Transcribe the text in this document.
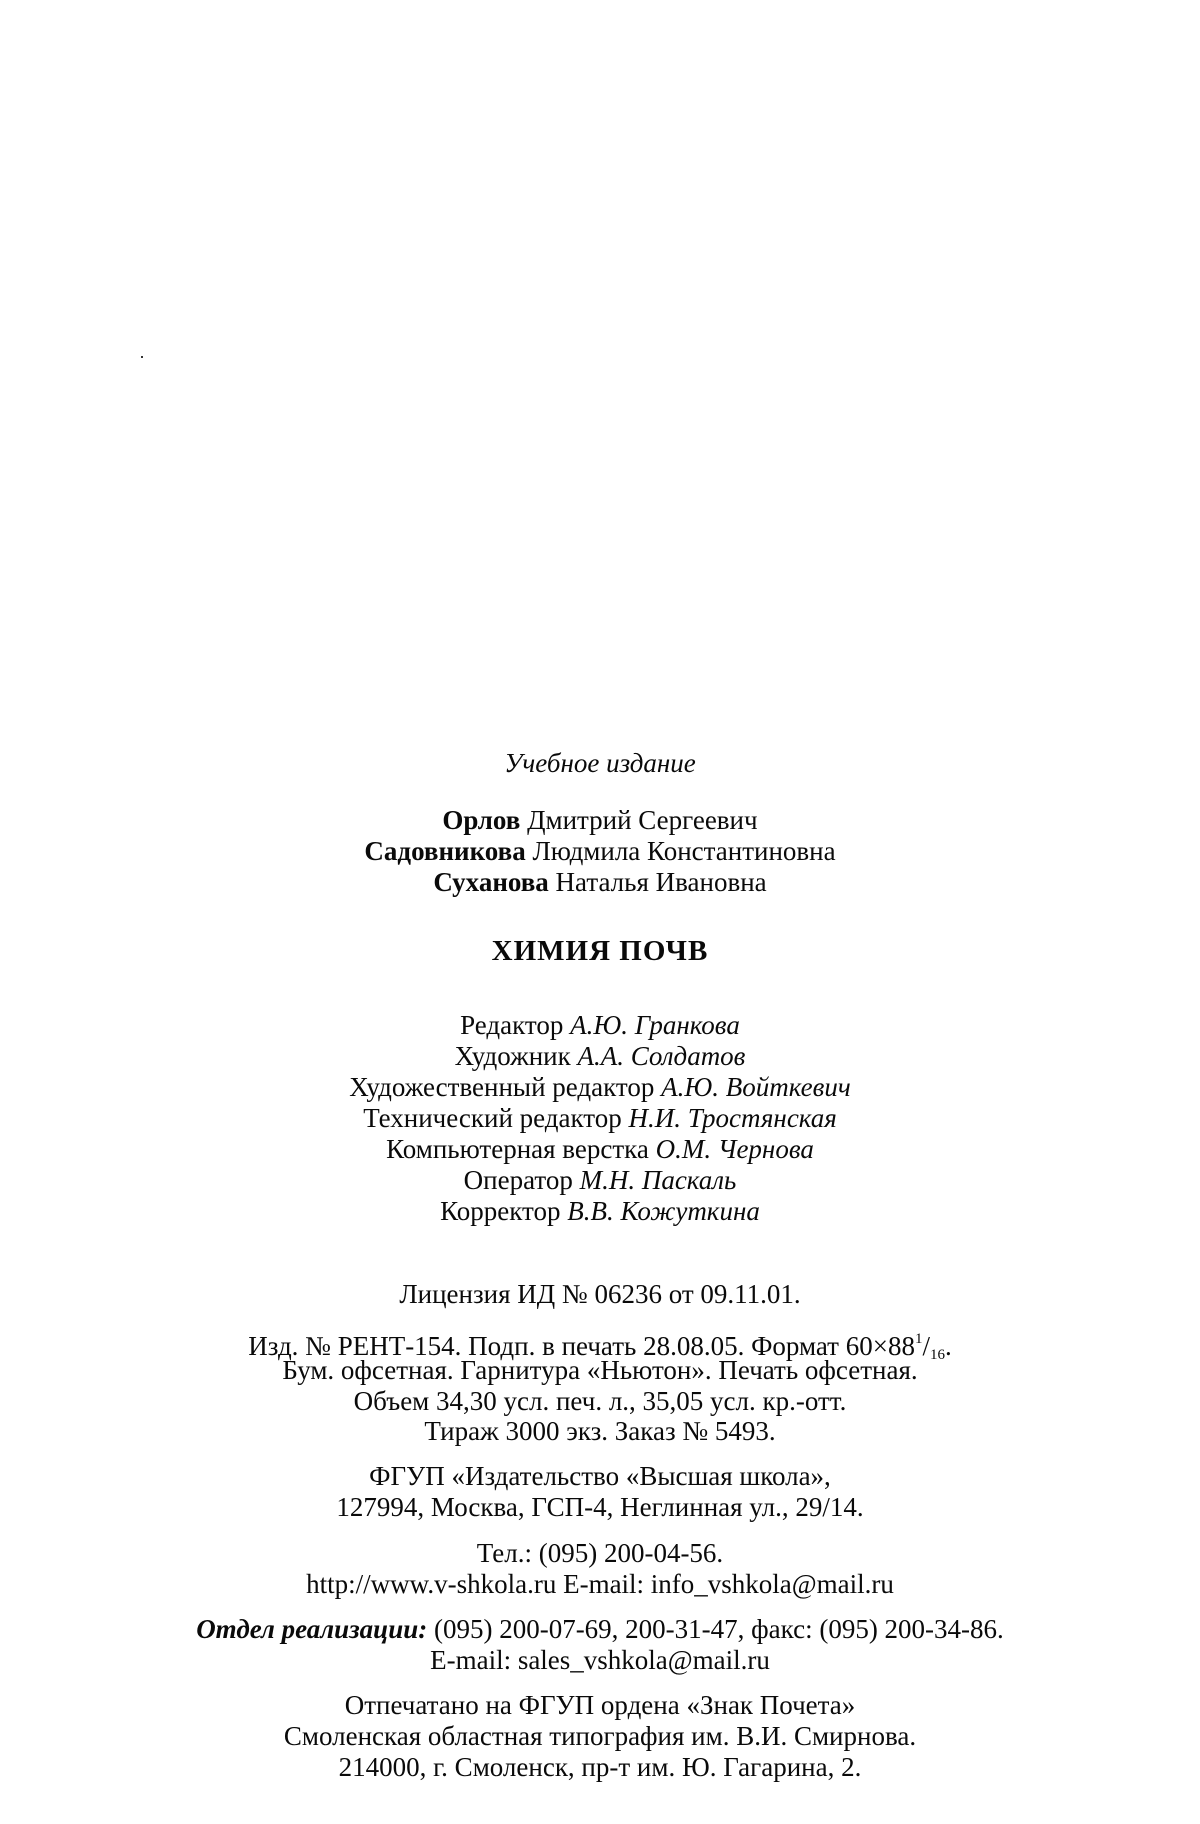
Учебное издание
Орлов Дмитрий Сергеевич
Садовникова Людмила Константиновна
Суханова Наталья Ивановна
ХИМИЯ ПОЧВ
Редактор А.Ю. Гранкова
Художник А.А. Солдатов
Художественный редактор А.Ю. Войткевич
Технический редактор Н.И. Тростянская
Компьютерная верстка О.М. Чернова
Оператор М.Н. Паскаль
Корректор В.В. Кожуткина
Лицензия ИД № 06236 от 09.11.01.
Изд. № РЕНТ-154. Подп. в печать 28.08.05. Формат $60\times 88^1/_{16}$.
Бум. офсетная. Гарнитура «Ньютон». Печать офсетная.
Объем 34,30 усл. печ. л., 35,05 усл. кр.-отт.
Тираж 3000 экз. Заказ № 5493.
ФГУП «Издательство «Высшая школа»,
127994, Москва, ГСП-4, Неглинная ул., 29/14.
Тел.: (095) 200-04-56.
http://www.v-shkola.ru E-mail: info_vshkola@mail.ru
Отдел реализации: (095) 200-07-69, 200-31-47, факс: (095) 200-34-86.
E-mail: sales_vshkola@mail.ru
Отпечатано на ФГУП ордена «Знак Почета»
Смоленская областная типография им. В.И. Смирнова.
214000, г. Смоленск, пр-т им. Ю. Гагарина, 2.
